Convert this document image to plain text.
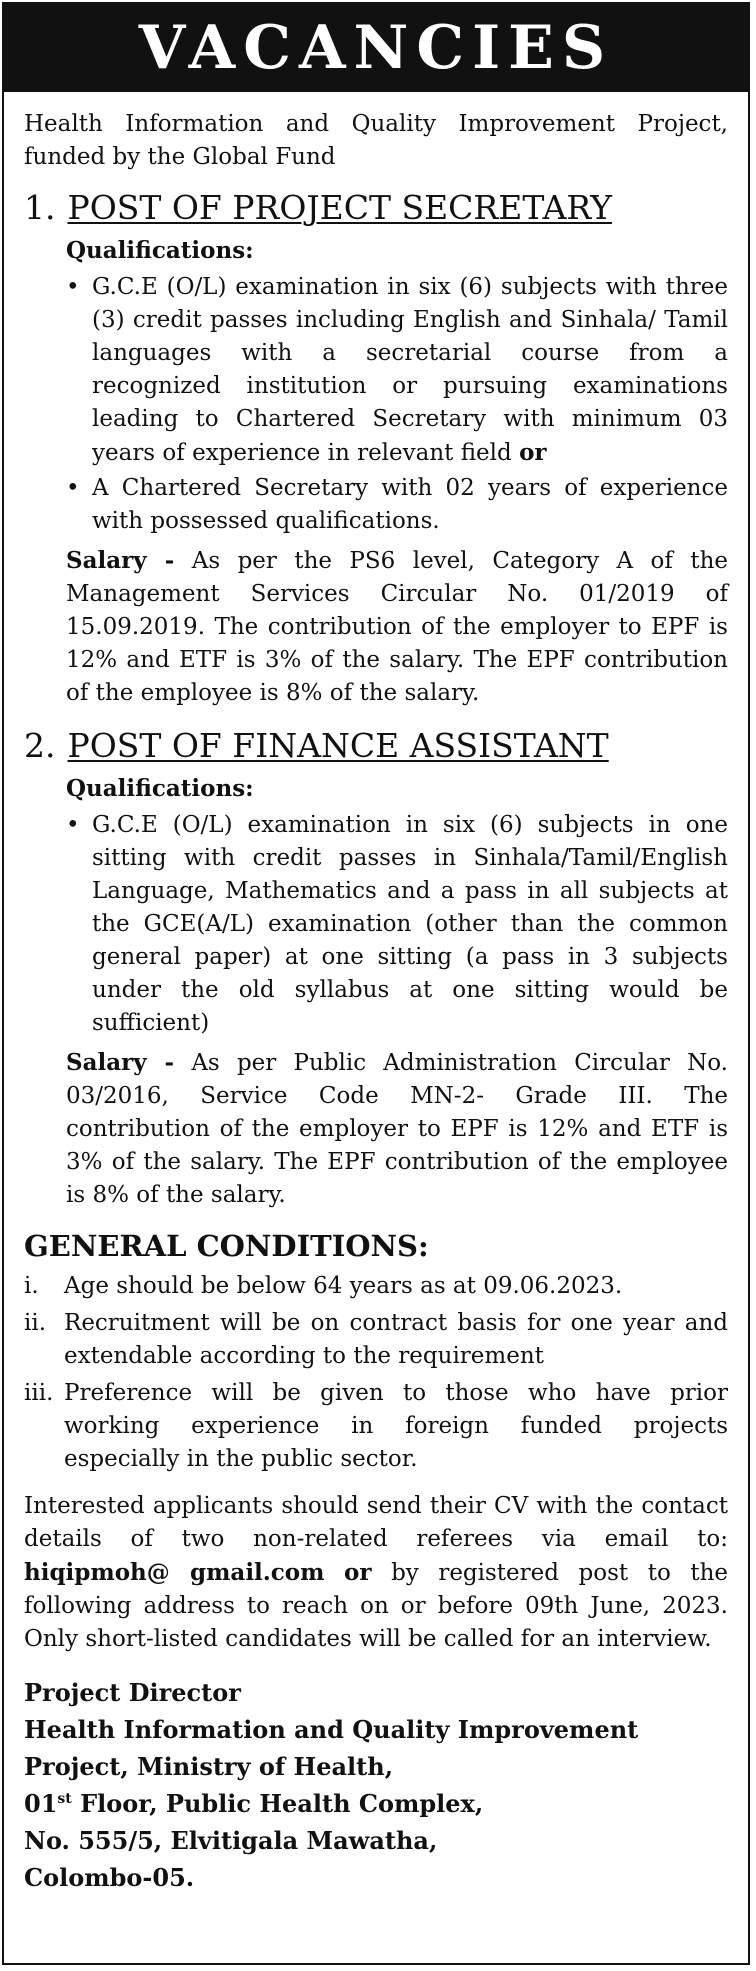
VACANCIES

Health Information and Quality Improvement Project, funded by the Global Fund

1. POST OF PROJECT SECRETARY
Qualifications:
• G.C.E (O/L) examination in six (6) subjects with three (3) credit passes including English and Sinhala/ Tamil languages with a secretarial course from a recognized institution or pursuing examinations leading to Chartered Secretary with minimum 03 years of experience in relevant field or
• A Chartered Secretary with 02 years of experience with possessed qualifications.

Salary - As per the PS6 level, Category A of the Management Services Circular No. 01/2019 of 15.09.2019. The contribution of the employer to EPF is 12% and ETF is 3% of the salary. The EPF contribution of the employee is 8% of the salary.

2. POST OF FINANCE ASSISTANT
Qualifications:
• G.C.E (O/L) examination in six (6) subjects in one sitting with credit passes in Sinhala/Tamil/English Language, Mathematics and a pass in all subjects at the GCE(A/L) examination (other than the common general paper) at one sitting (a pass in 3 subjects under the old syllabus at one sitting would be sufficient)

Salary - As per Public Administration Circular No. 03/2016, Service Code MN-2- Grade III. The contribution of the employer to EPF is 12% and ETF is 3% of the salary. The EPF contribution of the employee is 8% of the salary.

GENERAL CONDITIONS:
i.	Age should be below 64 years as at 09.06.2023.
ii. Recruitment will be on contract basis for one year and extendable according to the requirement
iii. Preference will be given to those who have prior working experience in foreign funded projects especially in the public sector.

Interested applicants should send their CV with the contact details of two non-related referees via email to: hiqipmoh@ gmail.com or by registered post to the following address to reach on or before 09th June, 2023. Only short-listed candidates will be called for an interview.

Project Director
Health Information and Quality Improvement
Project, Ministry of Health,
01st Floor, Public Health Complex,
No. 555/5, Elvitigala Mawatha,
Colombo-05.
